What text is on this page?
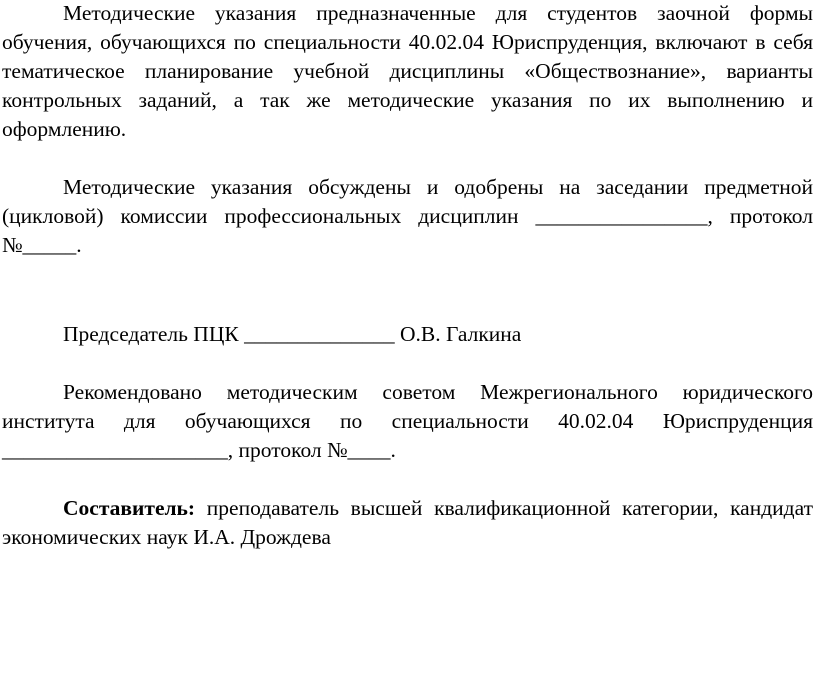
Методические указания предназначенные для студентов заочной формы обучения, обучающихся по специальности 40.02.04 Юриспруденция, включают в себя тематическое планирование учебной дисциплины «Обществознание», варианты контрольных заданий, а так же методические указания по их выполнению и оформлению.

Методические указания обсуждены и одобрены на заседании предметной (цикловой) комиссии профессиональных дисциплин ________________, протокол №_____.

Председатель ПЦК ______________ О.В. Галкина

Рекомендовано методическим советом Межрегионального юридического института для обучающихся по специальности 40.02.04 Юриспруденция _____________________, протокол №____.

Составитель: преподаватель высшей квалификационной категории, кандидат экономических наук И.А. Дрождева
